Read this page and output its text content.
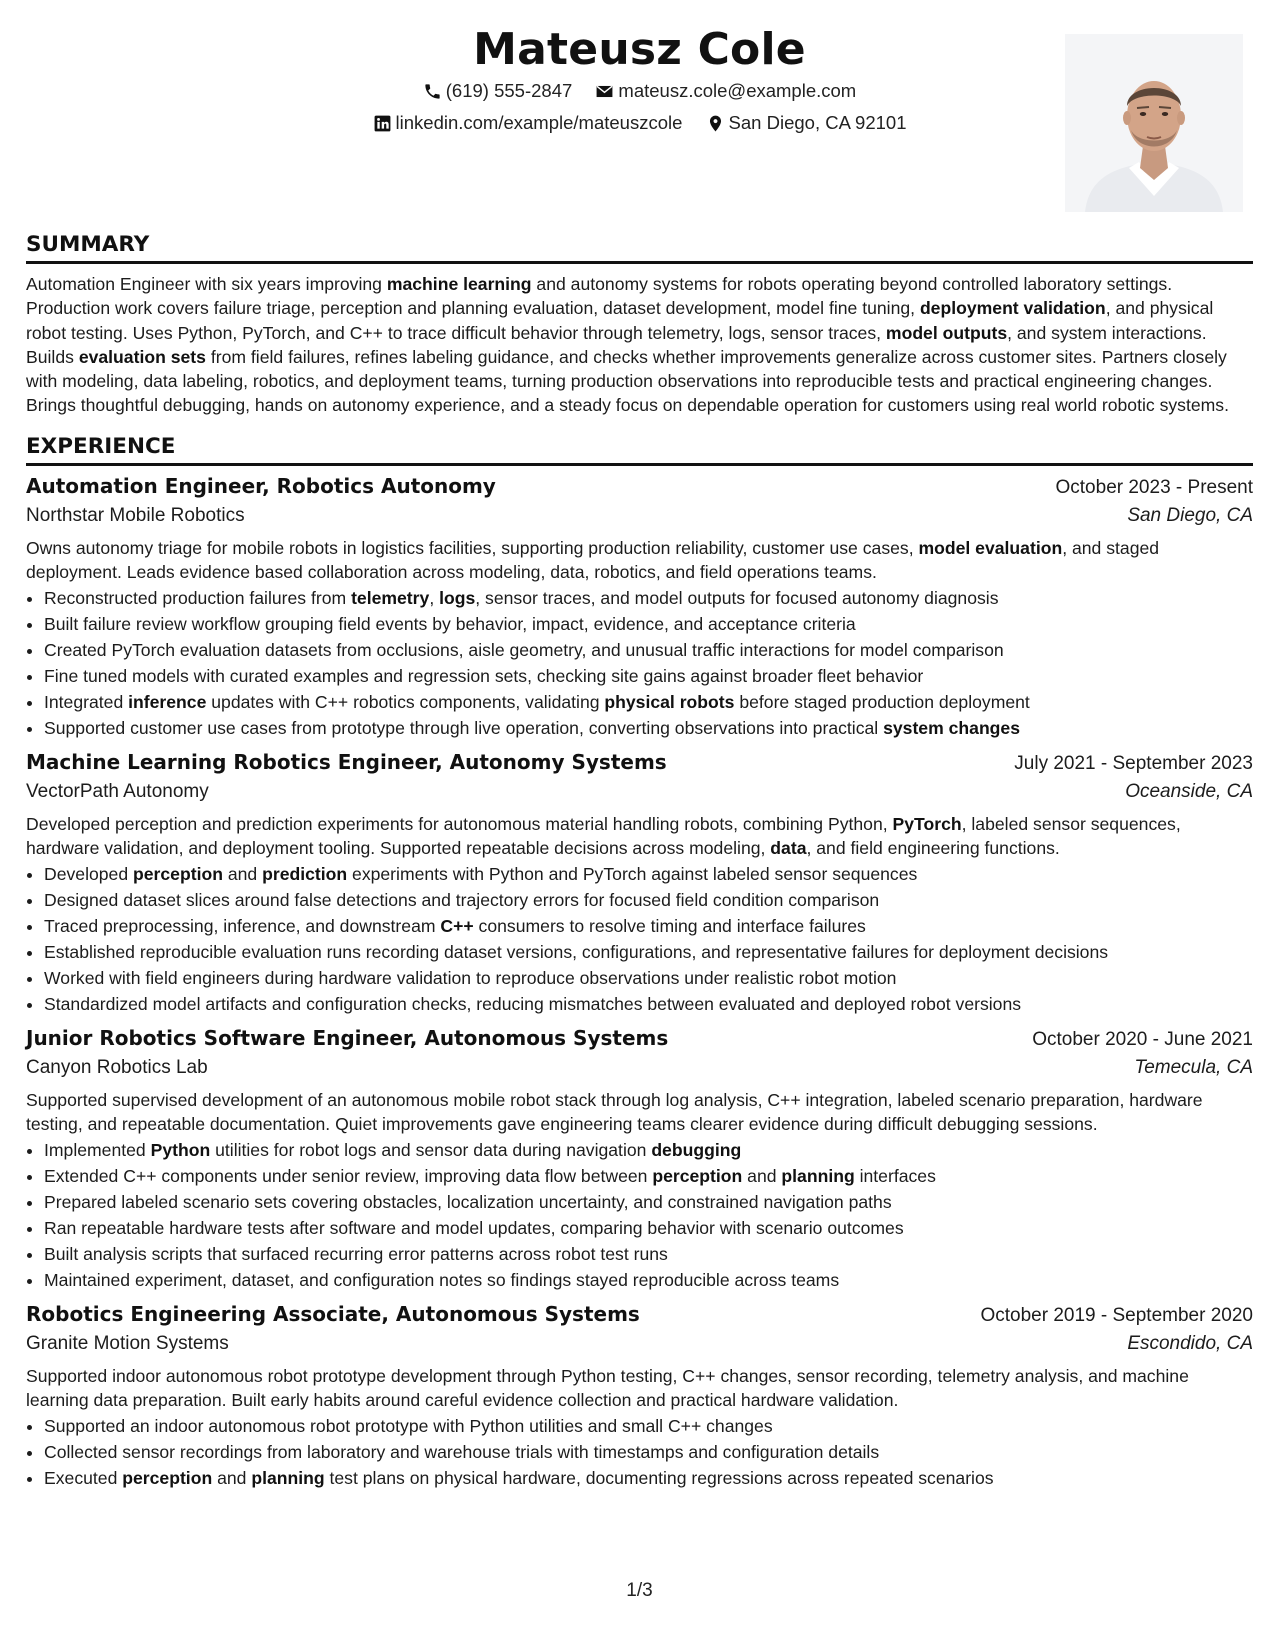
Mateusz Cole
(619) 555-2847
mateusz.cole@example.com
linkedin.com/example/mateuszcole
San Diego, CA 92101
SUMMARY

Automation Engineer with six years improving machine learning and autonomy systems for robots operating beyond controlled laboratory settings. Production work covers failure triage, perception and planning evaluation, dataset development, model fine tuning, deployment validation, and physical robot testing. Uses Python, PyTorch, and C++ to trace difficult behavior through telemetry, logs, sensor traces, model outputs, and system interactions. Builds evaluation sets from field failures, refines labeling guidance, and checks whether improvements generalize across customer sites. Partners closely with modeling, data labeling, robotics, and deployment teams, turning production observations into reproducible tests and practical engineering changes. Brings thoughtful debugging, hands on autonomy experience, and a steady focus on dependable operation for customers using real world robotic systems.

EXPERIENCE
Automation Engineer, Robotics Autonomy	October 2023 - Present
Northstar Mobile Robotics	San Diego, CA

Owns autonomy triage for mobile robots in logistics facilities, supporting production reliability, customer use cases, model evaluation, and staged deployment. Leads evidence based collaboration across modeling, data, robotics, and field operations teams.

• Reconstructed production failures from telemetry, logs, sensor traces, and model outputs for focused autonomy diagnosis
• Built failure review workflow grouping field events by behavior, impact, evidence, and acceptance criteria
• Created PyTorch evaluation datasets from occlusions, aisle geometry, and unusual traffic interactions for model comparison
• Fine tuned models with curated examples and regression sets, checking site gains against broader fleet behavior
• Integrated inference updates with C++ robotics components, validating physical robots before staged production deployment
• Supported customer use cases from prototype through live operation, converting observations into practical system changes
Machine Learning Robotics Engineer, Autonomy Systems	July 2021 - September 2023
VectorPath Autonomy	Oceanside, CA

Developed perception and prediction experiments for autonomous material handling robots, combining Python, PyTorch, labeled sensor sequences, hardware validation, and deployment tooling. Supported repeatable decisions across modeling, data, and field engineering functions.

• Developed perception and prediction experiments with Python and PyTorch against labeled sensor sequences
• Designed dataset slices around false detections and trajectory errors for focused field condition comparison
• Traced preprocessing, inference, and downstream C++ consumers to resolve timing and interface failures
• Established reproducible evaluation runs recording dataset versions, configurations, and representative failures for deployment decisions
• Worked with field engineers during hardware validation to reproduce observations under realistic robot motion
• Standardized model artifacts and configuration checks, reducing mismatches between evaluated and deployed robot versions
Junior Robotics Software Engineer, Autonomous Systems	October 2020 - June 2021
Canyon Robotics Lab	Temecula, CA

Supported supervised development of an autonomous mobile robot stack through log analysis, C++ integration, labeled scenario preparation, hardware testing, and repeatable documentation. Quiet improvements gave engineering teams clearer evidence during difficult debugging sessions.

• Implemented Python utilities for robot logs and sensor data during navigation debugging
• Extended C++ components under senior review, improving data flow between perception and planning interfaces
• Prepared labeled scenario sets covering obstacles, localization uncertainty, and constrained navigation paths
• Ran repeatable hardware tests after software and model updates, comparing behavior with scenario outcomes
• Built analysis scripts that surfaced recurring error patterns across robot test runs
• Maintained experiment, dataset, and configuration notes so findings stayed reproducible across teams
Robotics Engineering Associate, Autonomous Systems	October 2019 - September 2020
Granite Motion Systems	Escondido, CA

Supported indoor autonomous robot prototype development through Python testing, C++ changes, sensor recording, telemetry analysis, and machine learning data preparation. Built early habits around careful evidence collection and practical hardware validation.

• Supported an indoor autonomous robot prototype with Python utilities and small C++ changes
• Collected sensor recordings from laboratory and warehouse trials with timestamps and configuration details
• Executed perception and planning test plans on physical hardware, documenting regressions across repeated scenarios
1/3
